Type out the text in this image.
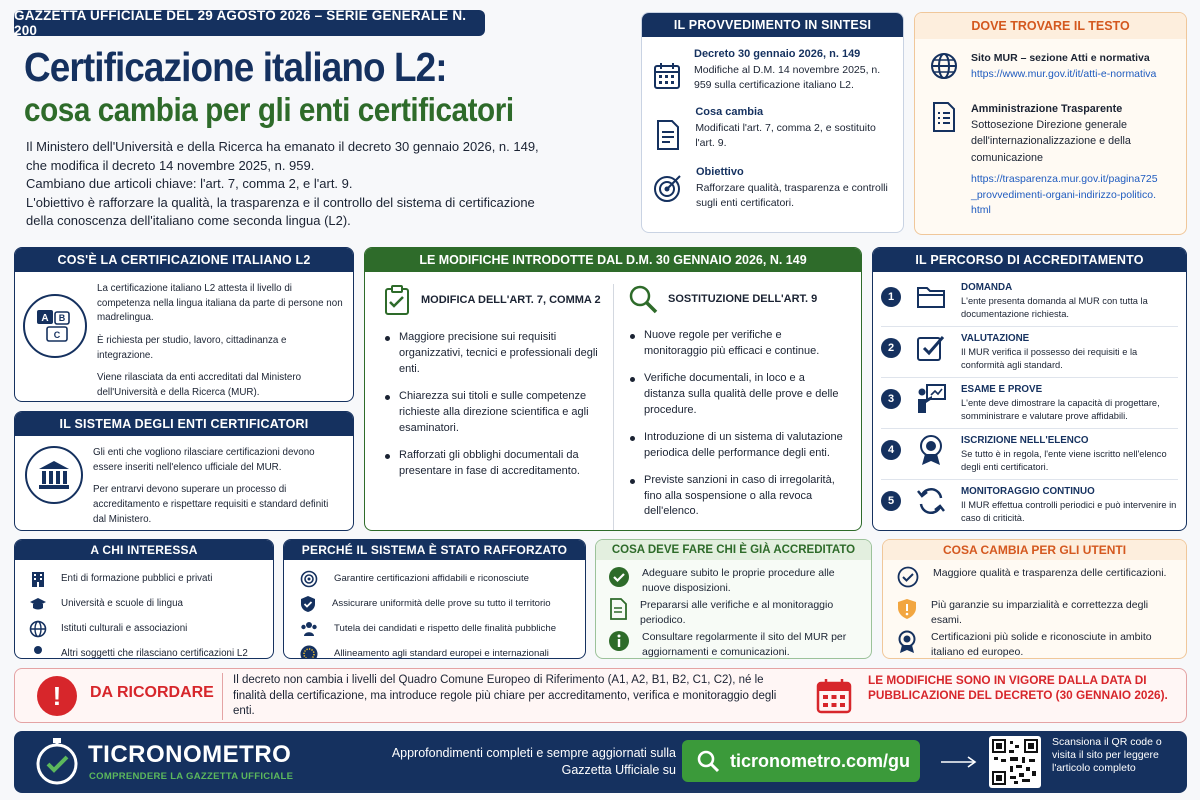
GAZZETTA UFFICIALE DEL 29 AGOSTO 2026 – SERIE GENERALE N. 200
Certificazione italiano L2:
cosa cambia per gli enti certificatori
Il Ministero dell'Università e della Ricerca ha emanato il decreto 30 gennaio 2026, n. 149,
che modifica il decreto 14 novembre 2025, n. 959.
Cambiano due articoli chiave: l'art. 7, comma 2, e l'art. 9.
L'obiettivo è rafforzare la qualità, la trasparenza e il controllo del sistema di certificazione
della conoscenza dell'italiano come seconda lingua (L2).
IL PROVVEDIMENTO IN SINTESI
Decreto 30 gennaio 2026, n. 149
Modifiche al D.M. 14 novembre 2025, n. 959 sulla certificazione italiano L2.
Cosa cambia
Modificati l'art. 7, comma 2, e sostituito l'art. 9.
Obiettivo
Rafforzare qualità, trasparenza e controlli sugli enti certificatori.
DOVE TROVARE IL TESTO
Sito MUR – sezione Atti e normativa
https://www.mur.gov.it/it/atti-e-normativa
Amministrazione Trasparente
Sottosezione Direzione generale dell'internazionalizzazione e della comunicazione
https://trasparenza.mur.gov.it/pagina725_provvedimenti-organi-indirizzo-politico.html
COS'È LA CERTIFICAZIONE ITALIANO L2
A B
C

La certificazione italiano L2 attesta il livello di competenza nella lingua italiana da parte di persone non madrelingua.

È richiesta per studio, lavoro, cittadinanza e integrazione.

Viene rilasciata da enti accreditati dal Ministero dell'Università e della Ricerca (MUR).

IL SISTEMA DEGLI ENTI CERTIFICATORI

Gli enti che vogliono rilasciare certificazioni devono essere inseriti nell'elenco ufficiale del MUR.

Per entrarvi devono superare un processo di accreditamento e rispettare requisiti e standard definiti dal Ministero.

LE MODIFICHE INTRODOTTE DAL D.M. 30 GENNAIO 2026, N. 149
MODIFICA DELL'ART. 7, COMMA 2
Maggiore precisione sui requisiti organizzativi, tecnici e professionali degli enti.
Chiarezza sui titoli e sulle competenze richieste alla direzione scientifica e agli esaminatori.
Rafforzati gli obblighi documentali da presentare in fase di accreditamento.
SOSTITUZIONE DELL'ART. 9
Nuove regole per verifiche e monitoraggio più efficaci e continue.
Verifiche documentali, in loco e a distanza sulla qualità delle prove e delle procedure.
Introduzione di un sistema di valutazione periodica delle performance degli enti.
Previste sanzioni in caso di irregolarità, fino alla sospensione o alla revoca dell'elenco.
IL PERCORSO DI ACCREDITAMENTO
1
DOMANDA
L'ente presenta domanda al MUR con tutta la documentazione richiesta.
2
VALUTAZIONE
Il MUR verifica il possesso dei requisiti e la conformità agli standard.
3
ESAME E PROVE
L'ente deve dimostrare la capacità di progettare, somministrare e valutare prove affidabili.
4
ISCRIZIONE NELL'ELENCO
Se tutto è in regola, l'ente viene iscritto nell'elenco degli enti certificatori.
5
MONITORAGGIO CONTINUO
Il MUR effettua controlli periodici e può intervenire in caso di criticità.
A CHI INTERESSA
Enti di formazione pubblici e privati
Università e scuole di lingua
Istituti culturali e associazioni
Altri soggetti che rilasciano certificazioni L2
PERCHÉ IL SISTEMA È STATO RAFFORZATO
Garantire certificazioni affidabili e riconosciute
Assicurare uniformità delle prove su tutto il territorio
Tutela dei candidati e rispetto delle finalità pubbliche
Allineamento agli standard europei e internazionali
COSA DEVE FARE CHI È GIÀ ACCREDITATO
Adeguare subito le proprie procedure alle nuove disposizioni.
Prepararsi alle verifiche e al monitoraggio periodico.
Consultare regolarmente il sito del MUR per aggiornamenti e comunicazioni.
COSA CAMBIA PER GLI UTENTI
Maggiore qualità e trasparenza delle certificazioni.
Più garanzie su imparzialità e correttezza degli esami.
Certificazioni più solide e riconosciute in ambito italiano ed europeo.
!	DA RICORDARE
Il decreto non cambia i livelli del Quadro Comune Europeo di Riferimento (A1, A2, B1, B2, C1, C2), né le finalità della certificazione, ma introduce regole più chiare per accreditamento, verifica e monitoraggio degli enti.
LE MODIFICHE SONO IN VIGORE DALLA DATA DI PUBBLICAZIONE DEL DECRETO (30 GENNAIO 2026).
TICRONOMETRO
COMPRENDERE LA GAZZETTA UFFICIALE
Approfondimenti completi e sempre aggiornati sulla Gazzetta Ufficiale su	ticronometro.com/gu
Scansiona il QR code o visita il sito per leggere l'articolo completo
